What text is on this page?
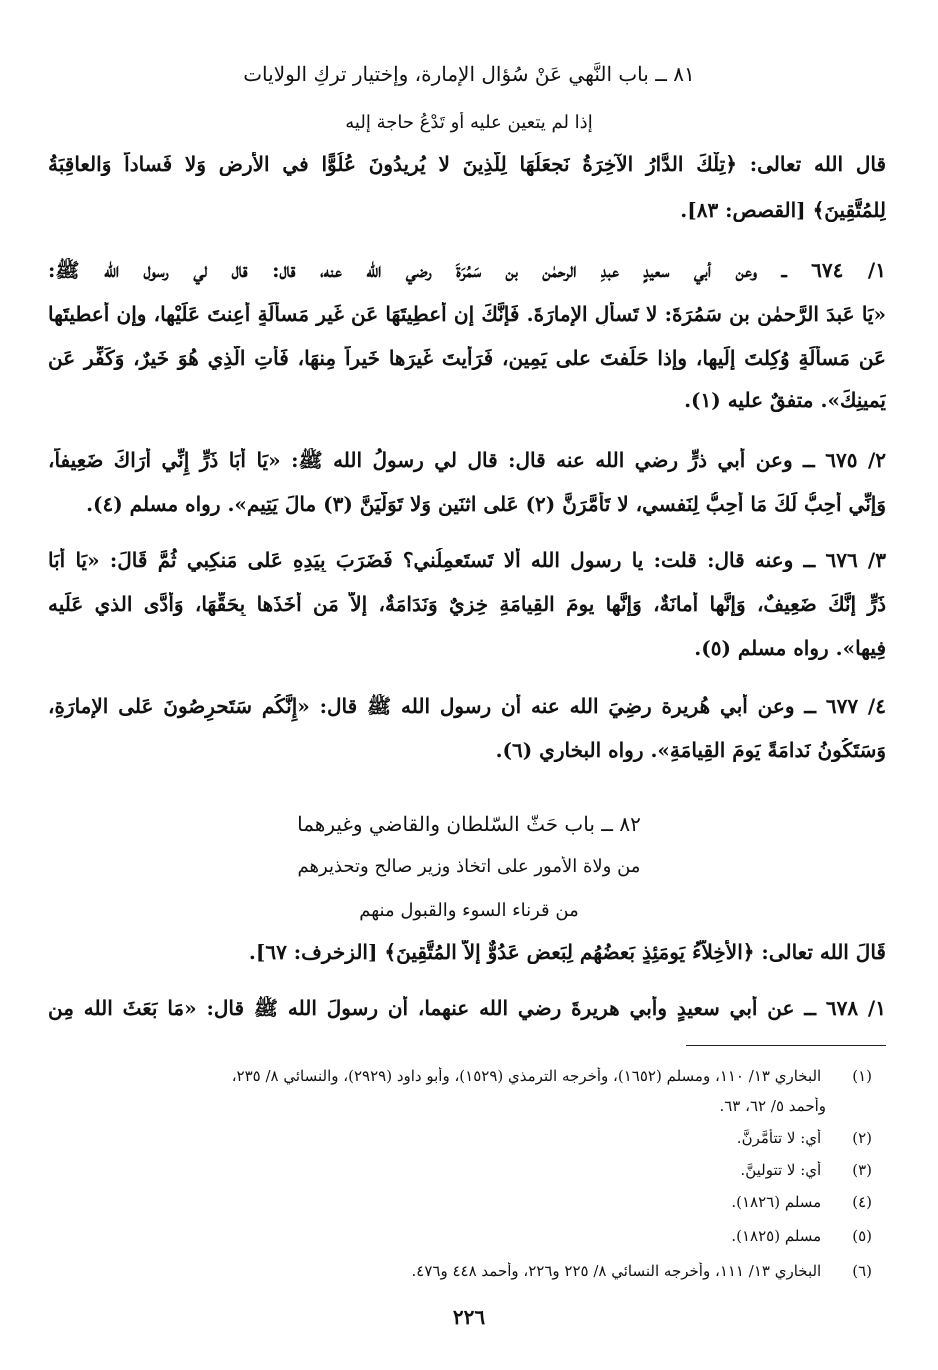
٨١ ــ باب النَّهي عَنْ سُؤال الإمارة، وإختيار تركِ الولايات
إذا لم يتعين عليه أو تَدْعُ حاجة إليه
قال الله تعالى: ﴿تِلْكَ الدَّارُ الآخِرَةُ نَجعَلُهَا لِلَّذِينَ لا يُرِيدُونَ عُلُوًّا في الأَرضِ وَلا فَساداً وَالعاقِبَةُ
لِلمُتَّقِينَ﴾ [القصص: ٨٣].
١/ ٦٧٤ ــ وعن أبي سعيدٍ عبدِ الرحمٰن بن سَمُرَةَ رضي الله عنه، قال: قال لي رسول الله ﷺ:
«يَا عَبدَ الرَّحمٰنِ بن سَمُرَةَ: لا تَسأَلِ الإمارَةَ. فَإنَّكَ إن أُعطِيتَهَا عَن غَيرِ مَسأَلَةٍ أُعِنتَ عَلَيْها، وإن أُعطيتَها
عَن مَسأَلَةٍ وُكِلتَ إلَيها، وإذا حَلَفتَ على يَمِينٍ، فَرَأَيتَ غَيرَها خَيراً مِنهَا، فَأتِ الَّذِي هُوَ خَيرٌ، وَكَفِّر عَن
يَمينِكَ». متفقٌ عليه (١).
٢/ ٦٧٥ ــ وعن أبي ذرٍّ رضي الله عنه قال: قال لي رسولُ الله ﷺ: «يَا أَبَا ذَرٍّ إِنِّي أَرَاكَ ضَعِيفاً،
وَإِنِّي أُحِبُّ لَكَ مَا أُحِبُّ لِنَفسي، لا تَأَمَّرَنَّ (٢) عَلى اثنَينِ وَلا تَوَلَّيَنَّ (٣) مالَ يَتِيم». رواه مسلم (٤).
٣/ ٦٧٦ ــ وعنه قال: قلت: يا رسول الله أَلا تَستَعمِلُني؟ فَضَرَبَ بِيَدِهِ عَلى مَنكِبي ثُمَّ قَالَ: «يَا أَبَا
ذَرٍّ إِنَّكَ ضَعِيفٌ، وَإِنَّها أَمانَةٌ، وَإِنَّها يومَ القِيامَةِ خِزيٌ وَنَدَامَةٌ، إلاَّ مَن أَخَذَها بِحَقِّهَا، وَأَدَّى الذي عَلَيه
فِيها». رواه مسلم (٥).
٤/ ٦٧٧ ــ وعن أبي هُريرة رضِيَ الله عنه أن رسول الله ﷺ قال: «إِنَّكُم سَتَحرِصُونَ عَلى الإمارَةِ،
وَسَتَكُونُ نَدامَةً يَومَ القِيامَةِ». رواه البخاري (٦).
٨٢ ــ باب حَثّ السّلطان والقاضي وغيرهما
من ولاة الأمور على اتخاذ وزير صالح وتحذيرهم
من قرناء السوء والقبول منهم
قَالَ الله تعالى: ﴿الأَخِلاَّءُ يَومَئِذٍ بَعضُهُم لِبَعضٍ عَدُوٌّ إِلاَّ المُتَّقِينَ﴾ [الزخرف: ٦٧].
١/ ٦٧٨ ــ عن أبي سعيدٍ وأبي هريرةَ رضي الله عنهما، أن رسولَ الله ﷺ قال: «مَا بَعَثَ الله مِن
(١) البخاري ١٣/ ١١٠، ومسلم (١٦٥٢)، وأخرجه الترمذي (١٥٢٩)، وأبو داود (٢٩٢٩)، والنسائي ٨/ ٢٣٥،
وأحمد ٥/ ٦٢، ٦٣.
(٢) أي: لا تتأمَّرنَّ.
(٣) أي: لا تتولينَّ.
(٤) مسلم (١٨٢٦).
(٥) مسلم (١٨٢٥).
(٦) البخاري ١٣/ ١١١، وأخرجه النسائي ٨/ ٢٢٥ و٢٢٦، وأحمد ٤٤٨ و٤٧٦.
٢٢٦
